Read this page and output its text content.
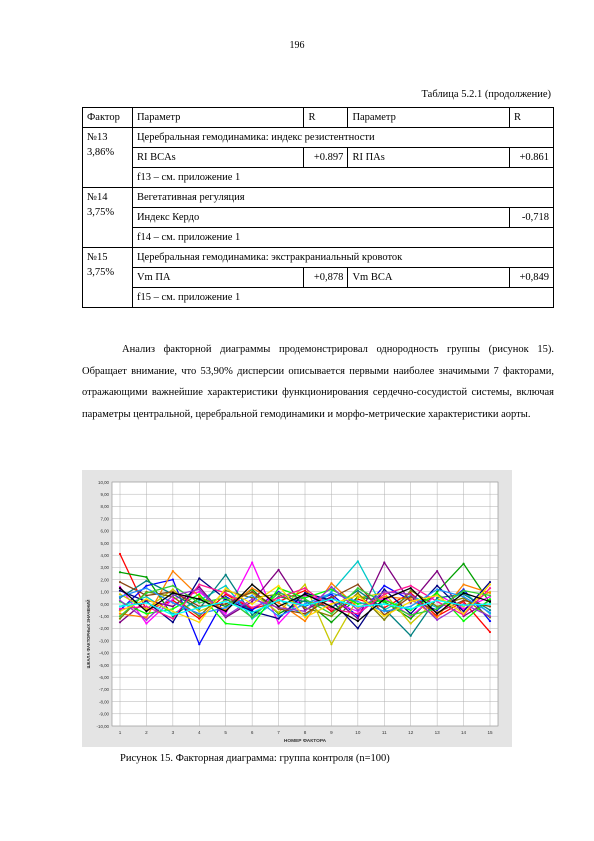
196
Таблица 5.2.1 (продолжение)
Фактор	Параметр	R	Параметр	R

№13
3,86%	Церебральная гемодинамика: индекс резистентности			
	RI BCAs	+0.897	RI ПАs	+0.861
	f13 – см. приложение 1			

№14
3,75%	Вегетативная регуляция			
	Индекс Кердо			-0,718
	f14 – см. приложение 1			

№15
3,75%	Церебральная гемодинамика: экстракраниальный кровоток			
	Vm ПА	+0,878	Vm BCA	+0,849
	f15 – см. приложение 1			

Анализ факторной диаграммы продемонстрировал однородность группы (рисунок 15). Обращает внимание, что 53,90% дисперсии описывается первыми наиболее значимыми 7 факторами, отражающими важнейшие характеристики функционирования сердечно-сосудистой системы, включая параметры центральной, церебральной гемодинамики и морфо-метрические характеристики аорты.

10,00
9,00
8,00
7,00
6,00
5,00
4,00
3,00
2,00
1,00
0,00
-1,00
-2,00
-3,00
-4,00
-5,00
-6,00
-7,00
-8,00
-9,00
-10,00
1	2	3	4	5	6	7	8	9	10	11	12	13	14	15
НОМЕР ФАКТОРА
ШКАЛА ФАКТОРНЫХ ЗНАЧЕНИЙ
Рисунок 15. Факторная диаграмма: группа контроля (n=100)
